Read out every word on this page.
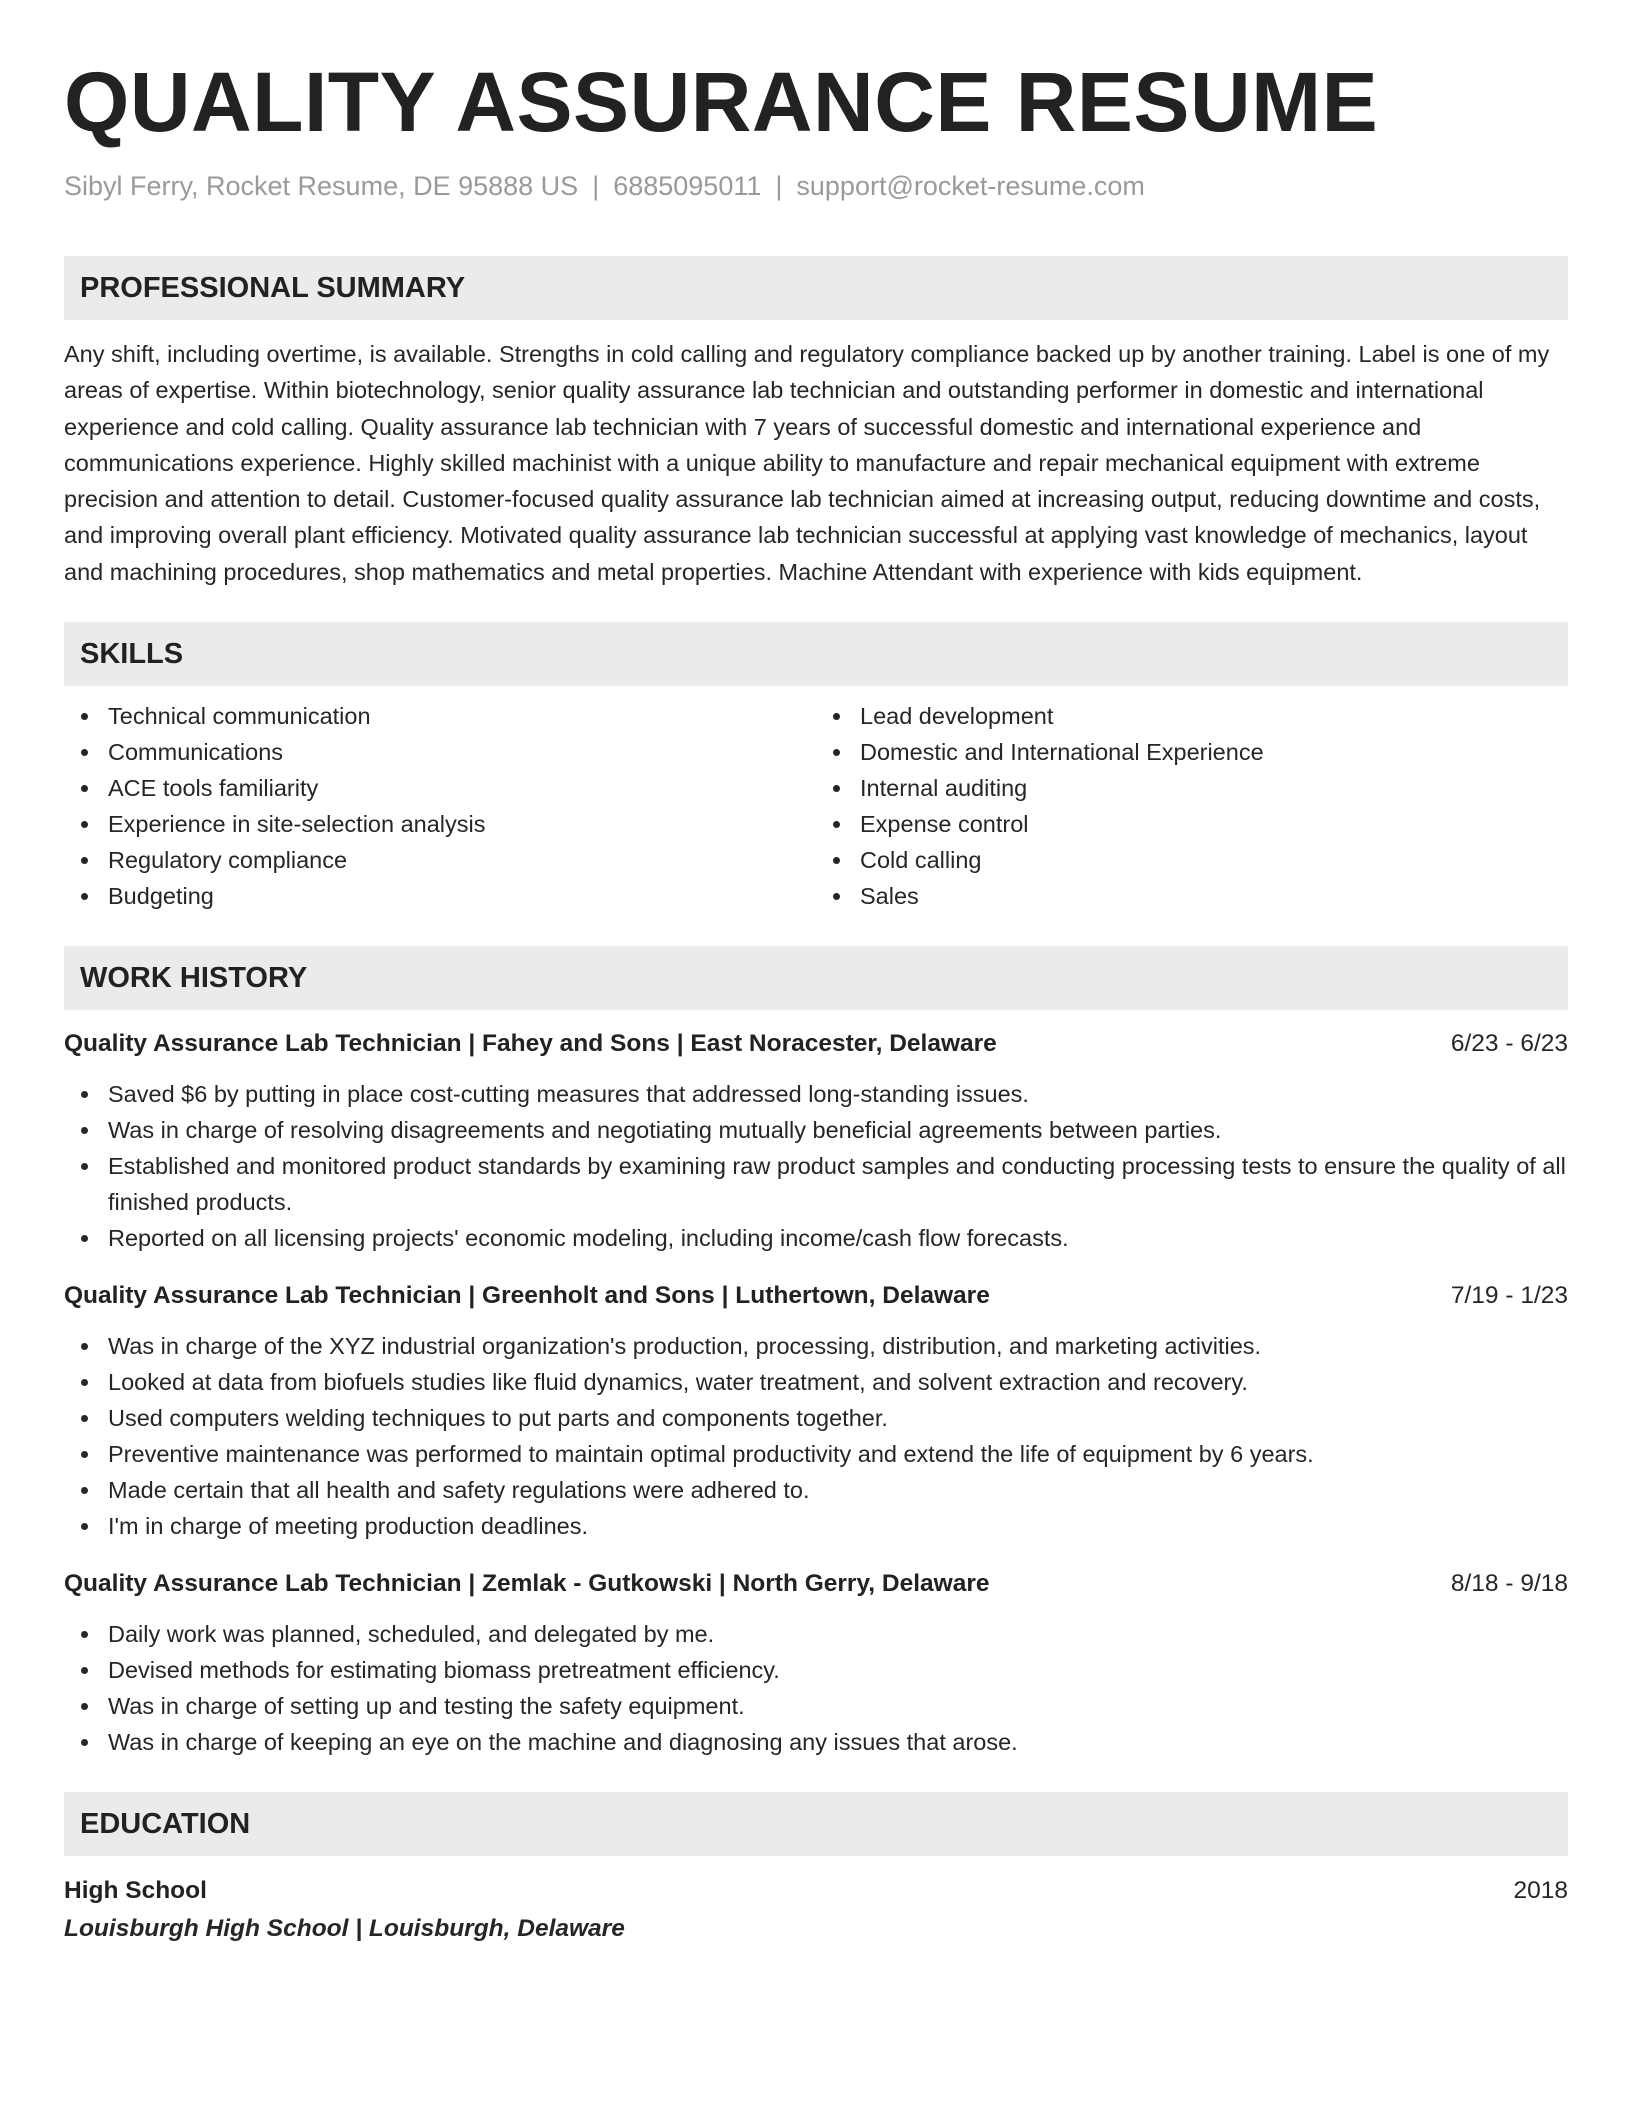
QUALITY ASSURANCE RESUME
Sibyl Ferry, Rocket Resume, DE 95888 US | 6885095011 | support@rocket-resume.com
PROFESSIONAL SUMMARY

Any shift, including overtime, is available. Strengths in cold calling and regulatory compliance backed up by another training. Label is one of my areas of expertise. Within biotechnology, senior quality assurance lab technician and outstanding performer in domestic and international experience and cold calling. Quality assurance lab technician with 7 years of successful domestic and international experience and communications experience. Highly skilled machinist with a unique ability to manufacture and repair mechanical equipment with extreme precision and attention to detail. Customer-focused quality assurance lab technician aimed at increasing output, reducing downtime and costs, and improving overall plant efficiency. Motivated quality assurance lab technician successful at applying vast knowledge of mechanics, layout and machining procedures, shop mathematics and metal properties. Machine Attendant with experience with kids equipment.

SKILLS
Technical communication
Communications
ACE tools familiarity
Experience in site-selection analysis
Regulatory compliance
Budgeting
Lead development
Domestic and International Experience
Internal auditing
Expense control
Cold calling
Sales
WORK HISTORY
Quality Assurance Lab Technician | Fahey and Sons | East Noracester, Delaware	6/23 - 6/23
Saved $6 by putting in place cost-cutting measures that addressed long-standing issues.
Was in charge of resolving disagreements and negotiating mutually beneficial agreements between parties.
Established and monitored product standards by examining raw product samples and conducting processing tests to ensure the quality of all finished products.
Reported on all licensing projects' economic modeling, including income/cash flow forecasts.
Quality Assurance Lab Technician | Greenholt and Sons | Luthertown, Delaware	7/19 - 1/23
Was in charge of the XYZ industrial organization's production, processing, distribution, and marketing activities.
Looked at data from biofuels studies like fluid dynamics, water treatment, and solvent extraction and recovery.
Used computers welding techniques to put parts and components together.
Preventive maintenance was performed to maintain optimal productivity and extend the life of equipment by 6 years.
Made certain that all health and safety regulations were adhered to.
I'm in charge of meeting production deadlines.
Quality Assurance Lab Technician | Zemlak - Gutkowski | North Gerry, Delaware	8/18 - 9/18
Daily work was planned, scheduled, and delegated by me.
Devised methods for estimating biomass pretreatment efficiency.
Was in charge of setting up and testing the safety equipment.
Was in charge of keeping an eye on the machine and diagnosing any issues that arose.
EDUCATION
High School	2018
Louisburgh High School | Louisburgh, Delaware
